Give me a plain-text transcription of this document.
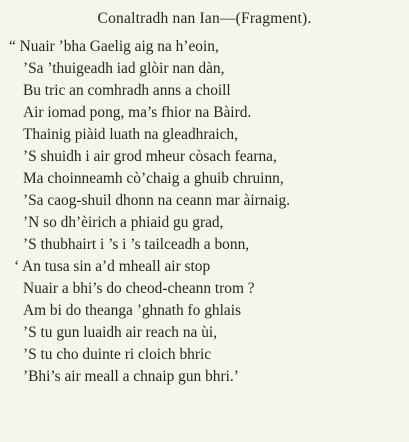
Conaltradh nan Ian—(Fragment).
“ Nuair ’bha Gaelig aig na h’eoin,
’Sa ’thuigeadh iad glòir nan dàn,
Bu tric an comhradh anns a choill
Air iomad pong, ma’s fhior na Bàird.
Thainig piàid luath na gleadhraich,
’S shuidh i air grod mheur còsach fearna,
Ma choinneamh cò’chaig a ghuib chruinn,
’Sa caog-shuil dhonn na ceann mar àirnaig.
’N so dh’èirich a phiaid gu grad,
’S thubhairt i ’s i ’s tailceadh a bonn,
‘ An tusa sin a’d mheall air stop
Nuair a bhi’s do cheod-cheann trom ?
Am bi do theanga ’ghnath fo ghlais
’S tu gun luaidh air reach na ùi,
’S tu cho duinte ri cloich bhric
’Bhi’s air meall a chnaip gun bhri.’
